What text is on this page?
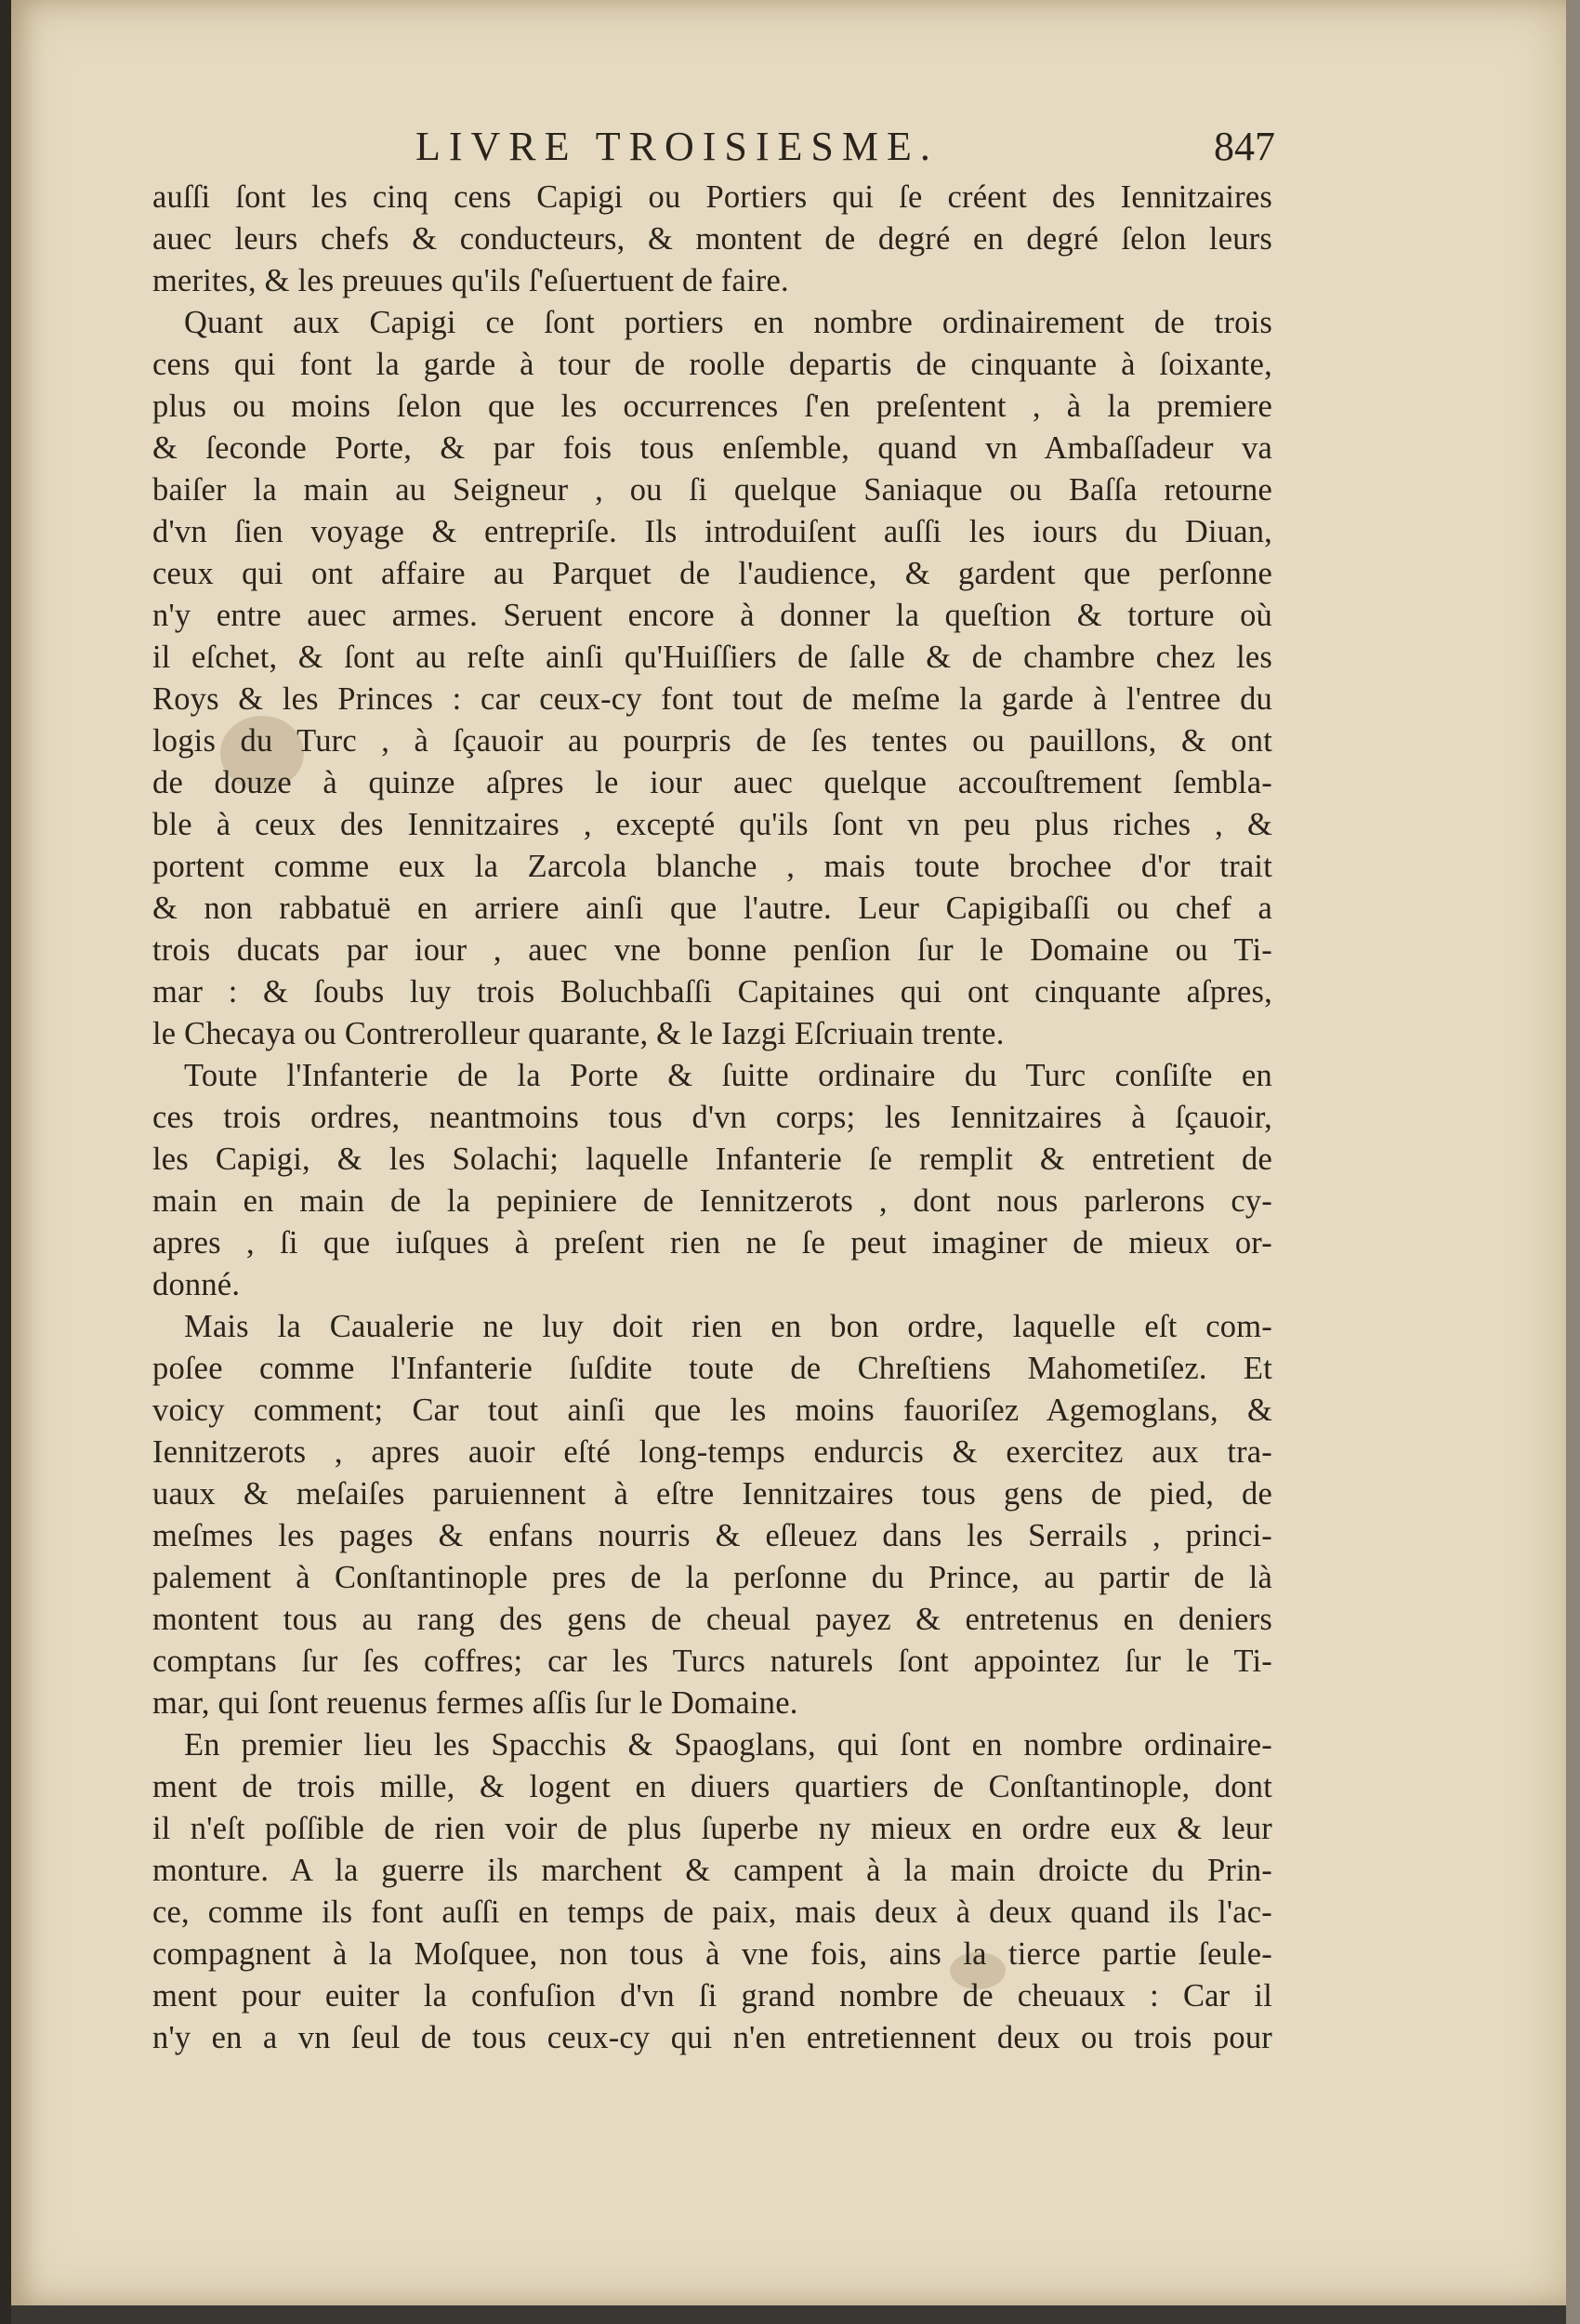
LIVRE TROISIESME.	847
auſſi ſont les cinq cens Capigi ou Portiers qui ſe créent des Iennitzaires
auec leurs chefs & conducteurs, & montent de degré en degré ſelon leurs
merites, & les preuues qu'ils ſ'eſuertuent de faire.
Quant aux Capigi ce ſont portiers en nombre ordinairement de trois
cens qui font la garde à tour de roolle departis de cinquante à ſoixante,
plus ou moins ſelon que les occurrences ſ'en preſentent , à la premiere
& ſeconde Porte, & par fois tous enſemble, quand vn Ambaſſadeur va
baiſer la main au Seigneur , ou ſi quelque Saniaque ou Baſſa retourne
d'vn ſien voyage & entrepriſe. Ils introduiſent auſſi les iours du Diuan,
ceux qui ont affaire au Parquet de l'audience, & gardent que perſonne
n'y entre auec armes. Seruent encore à donner la queſtion & torture où
il eſchet, & ſont au reſte ainſi qu'Huiſſiers de ſalle & de chambre chez les
Roys & les Princes : car ceux-cy font tout de meſme la garde à l'entree du
logis du Turc , à ſçauoir au pourpris de ſes tentes ou pauillons, & ont
de douze à quinze aſpres le iour auec quelque accouſtrement ſembla-
ble à ceux des Iennitzaires , excepté qu'ils ſont vn peu plus riches , &
portent comme eux la Zarcola blanche , mais toute brochee d'or trait
& non rabbatuë en arriere ainſi que l'autre. Leur Capigibaſſi ou chef a
trois ducats par iour , auec vne bonne penſion ſur le Domaine ou Ti-
mar : & ſoubs luy trois Boluchbaſſi Capitaines qui ont cinquante aſpres,
le Checaya ou Contrerolleur quarante, & le Iazgi Eſcriuain trente.
Toute l'Infanterie de la Porte & ſuitte ordinaire du Turc conſiſte en
ces trois ordres, neantmoins tous d'vn corps; les Iennitzaires à ſçauoir,
les Capigi, & les Solachi; laquelle Infanterie ſe remplit & entretient de
main en main de la pepiniere de Iennitzerots , dont nous parlerons cy-
apres , ſi que iuſques à preſent rien ne ſe peut imaginer de mieux or-
donné.
Mais la Caualerie ne luy doit rien en bon ordre, laquelle eſt com-
poſee comme l'Infanterie ſuſdite toute de Chreſtiens Mahometiſez. Et
voicy comment; Car tout ainſi que les moins fauoriſez Agemoglans, &
Iennitzerots , apres auoir eſté long-temps endurcis & exercitez aux tra-
uaux & meſaiſes paruiennent à eſtre Iennitzaires tous gens de pied, de
meſmes les pages & enfans nourris & eſleuez dans les Serrails , princi-
palement à Conſtantinople pres de la perſonne du Prince, au partir de là
montent tous au rang des gens de cheual payez & entretenus en deniers
comptans ſur ſes coffres; car les Turcs naturels ſont appointez ſur le Ti-
mar, qui ſont reuenus fermes aſſis ſur le Domaine.
En premier lieu les Spacchis & Spaoglans, qui ſont en nombre ordinaire-
ment de trois mille, & logent en diuers quartiers de Conſtantinople, dont
il n'eſt poſſible de rien voir de plus ſuperbe ny mieux en ordre eux & leur
monture. A la guerre ils marchent & campent à la main droicte du Prin-
ce, comme ils font auſſi en temps de paix, mais deux à deux quand ils l'ac-
compagnent à la Moſquee, non tous à vne fois, ains la tierce partie ſeule-
ment pour euiter la confuſion d'vn ſi grand nombre de cheuaux : Car il
n'y en a vn ſeul de tous ceux-cy qui n'en entretiennent deux ou trois pour
